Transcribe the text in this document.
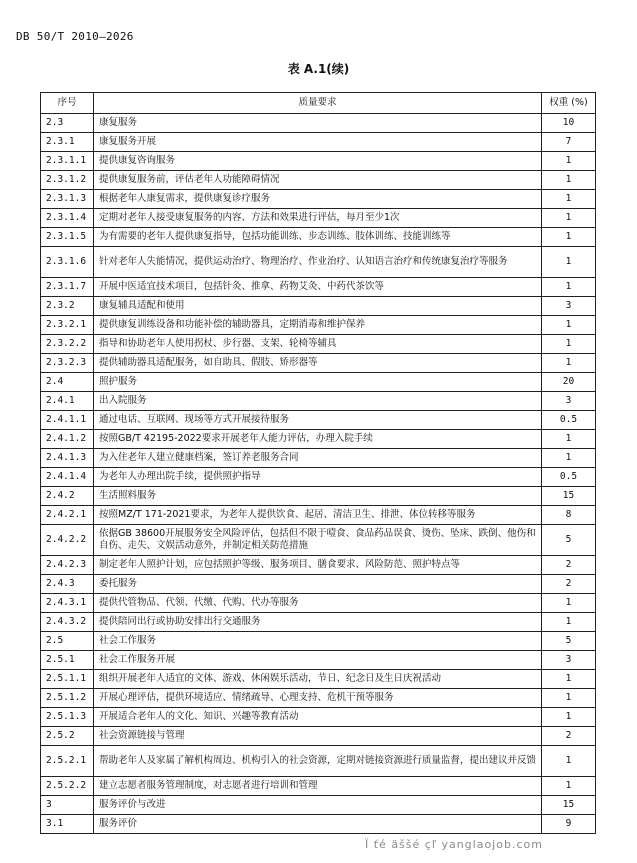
DB 50/T 2010—2026
表 A.1(续)
序号	质量要求	权重 (%)
2.3	康复服务	10
2.3.1	康复服务开展	7
2.3.1.1	提供康复咨询服务	1
2.3.1.2	提供康复服务前，评估老年人功能障碍情况	1
2.3.1.3	根据老年人康复需求，提供康复诊疗服务	1
2.3.1.4	定期对老年人接受康复服务的内容、方法和效果进行评估，每月至少1次	1
2.3.1.5	为有需要的老年人提供康复指导，包括功能训练、步态训练、肢体训练、技能训练等	1
2.3.1.6	针对老年人失能情况，提供运动治疗、物理治疗、作业治疗、认知语言治疗和传统康复治疗等服务	1
2.3.1.7	开展中医适宜技术项目，包括针灸、推拿、药物艾灸、中药代茶饮等	1
2.3.2	康复辅具适配和使用	3
2.3.2.1	提供康复训练设备和功能补偿的辅助器具，定期消毒和维护保养	1
2.3.2.2	指导和协助老年人使用拐杖、步行器、支架、轮椅等辅具	1
2.3.2.3	提供辅助器具适配服务，如自助具、假肢、矫形器等	1
2.4	照护服务	20
2.4.1	出入院服务	3
2.4.1.1	通过电话、互联网、现场等方式开展接待服务	0.5
2.4.1.2	按照GB/T 42195-2022要求开展老年人能力评估，办理入院手续	1
2.4.1.3	为入住老年人建立健康档案，签订养老服务合同	1
2.4.1.4	为老年人办理出院手续，提供照护指导	0.5
2.4.2	生活照料服务	15
2.4.2.1	按照MZ/T 171-2021要求，为老年人提供饮食、起居、清洁卫生、排泄、体位转移等服务	8
2.4.2.2	依据GB 38600开展服务安全风险评估，包括但不限于噎食、食品药品误食、烫伤、坠床、跌倒、他伤和自伤、走失、文娱活动意外，并制定相关防范措施	5
2.4.2.3	制定老年人照护计划，应包括照护等级、服务项目、膳食要求、风险防范、照护特点等	2
2.4.3	委托服务	2
2.4.3.1	提供代管物品、代领、代缴、代购、代办等服务	1
2.4.3.2	提供陪同出行或协助安排出行交通服务	1
2.5	社会工作服务	5
2.5.1	社会工作服务开展	3
2.5.1.1	组织开展老年人适宜的文体、游戏、休闲娱乐活动，节日、纪念日及生日庆祝活动	1
2.5.1.2	开展心理评估，提供环境适应、情绪疏导、心理支持、危机干预等服务	1
2.5.1.3	开展适合老年人的文化、知识、兴趣等教育活动	1
2.5.2	社会资源链接与管理	2
2.5.2.1	帮助老年人及家属了解机构周边、机构引入的社会资源，定期对链接资源进行质量监督，提出建议并反馈	1
2.5.2.2	建立志愿者服务管理制度，对志愿者进行培训和管理	1
3	服务评价与改进	15
3.1	服务评价	9
Ï ťé äššé çľ yanglaojob.com
